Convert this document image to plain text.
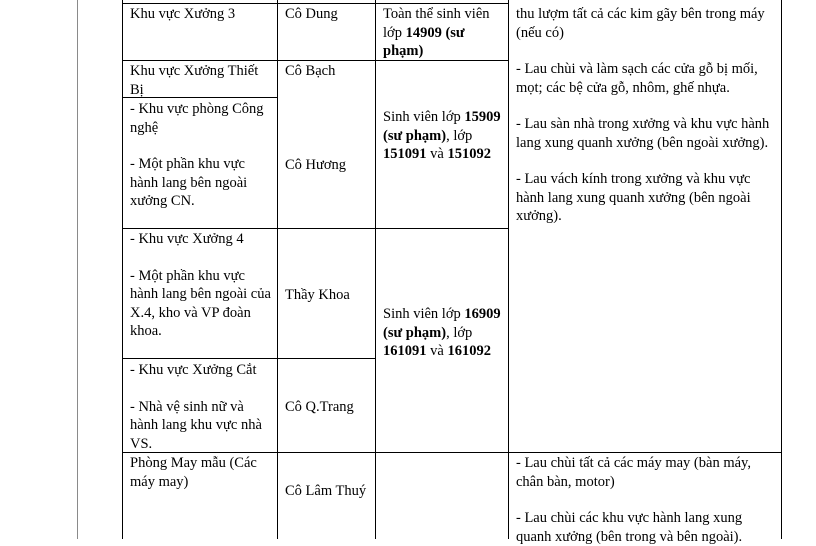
Khu vực Xưởng 3	Cô Dung	Toàn thể sinh viên lớp 14909 (sư phạm)
Khu vực Xưởng Thiết Bị
Cô Bạch
- Khu vực phòng Công nghệ
- Một phần khu vực hành lang bên ngoài xưởng CN.
Cô Hương
Sinh viên lớp 15909 (sư phạm), lớp 151091 và 151092
- Khu vực Xưởng 4
- Một phần khu vực hành lang bên ngoài của X.4, kho và VP đoàn khoa.
Thầy Khoa
Sinh viên lớp 16909 (sư phạm), lớp 161091 và 161092
- Khu vực Xưởng Cắt
- Nhà vệ sinh nữ và hành lang khu vực nhà VS.
Cô Q.Trang
Phòng May mẫu (Các máy may)
Cô Lâm Thuý
thu lượm tất cả các kim gãy bên trong máy (nếu có)
- Lau chùi và làm sạch các cửa gỗ bị mối, mọt; các bệ cửa gỗ, nhôm, ghế nhựa.
- Lau sàn nhà trong xưởng và khu vực hành lang xung quanh xưởng (bên ngoài xưởng).
- Lau vách kính trong xưởng và khu vực hành lang xung quanh xưởng (bên ngoài xưởng).
- Lau chùi tất cả các máy may (bàn máy, chân bàn, motor)
- Lau chùi các khu vực hành lang xung quanh xưởng (bên trong và bên ngoài).
